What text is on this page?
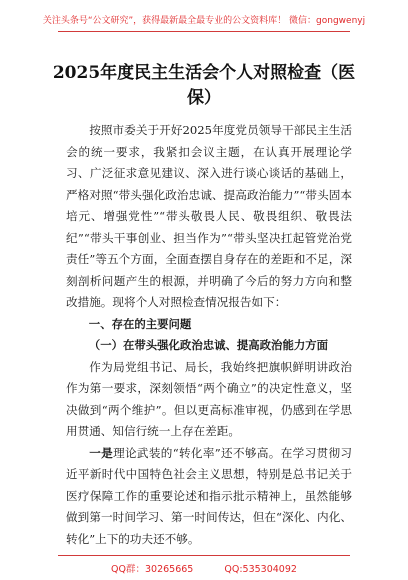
关注头条号“公文研究”，获得最新最全最专业的公文资料库！ 微信：gongwenyj
2025年度民主生活会个人对照检查（医保）

按照市委关于开好2025年度党员领导干部民主生活会的统一要求，我紧扣会议主题，在认真开展理论学习、广泛征求意见建议、深入进行谈心谈话的基础上，严格对照“带头强化政治忠诚、提高政治能力”“带头固本培元、增强党性”“带头敬畏人民、敬畏组织、敬畏法纪”“带头干事创业、担当作为”“带头坚决扛起管党治党责任”等五个方面，全面查摆自身存在的差距和不足，深刻剖析问题产生的根源，并明确了今后的努力方向和整改措施。现将个人对照检查情况报告如下：

一、存在的主要问题

（一）在带头强化政治忠诚、提高政治能力方面

作为局党组书记、局长，我始终把旗帜鲜明讲政治作为第一要求，深刻领悟“两个确立”的决定性意义，坚决做到“两个维护”。但以更高标准审视，仍感到在学思用贯通、知信行统一上存在差距。

一是理论武装的“转化率”还不够高。在学习贯彻习近平新时代中国特色社会主义思想，特别是总书记关于医疗保障工作的重要论述和指示批示精神上，虽然能够做到第一时间学习、第一时间传达，但在“深化、内化、转化”上下的功夫还不够。

QQ群：30265665	QQ:535304092
